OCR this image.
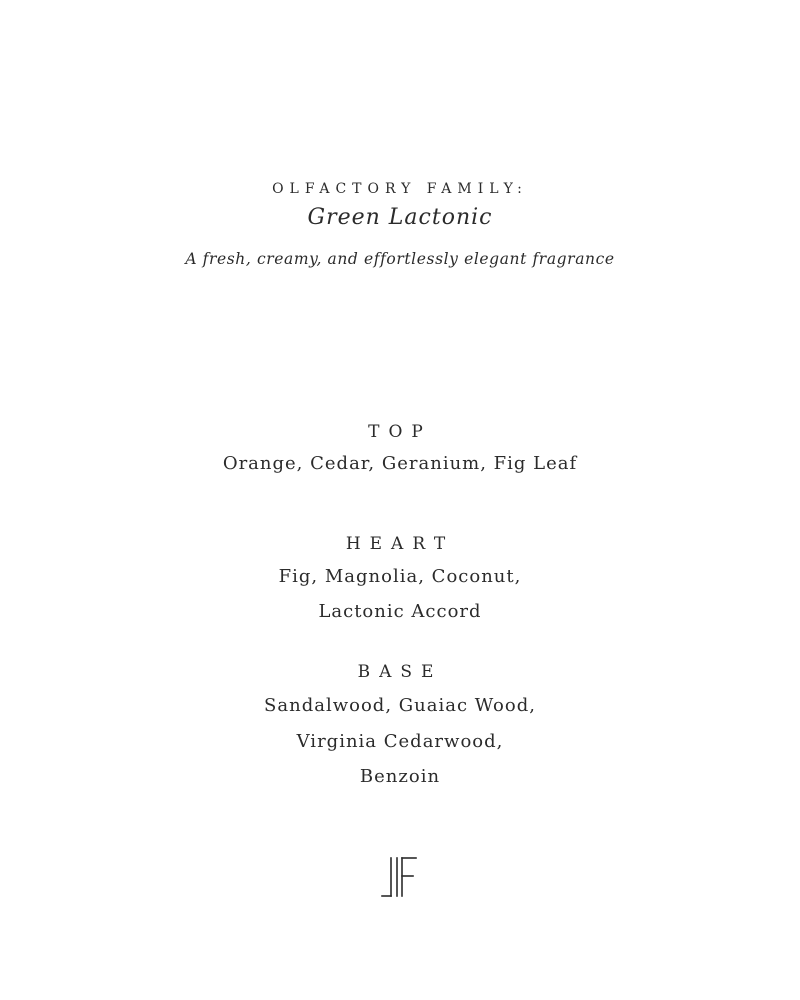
OLFACTORY FAMILY:

Green Lactonic

A fresh, creamy, and effortlessly elegant fragrance

TOP

Orange, Cedar, Geranium, Fig Leaf

HEART

Fig, Magnolia, Coconut,

Lactonic Accord

BASE

Sandalwood, Guaiac Wood,

Virginia Cedarwood,

Benzoin
